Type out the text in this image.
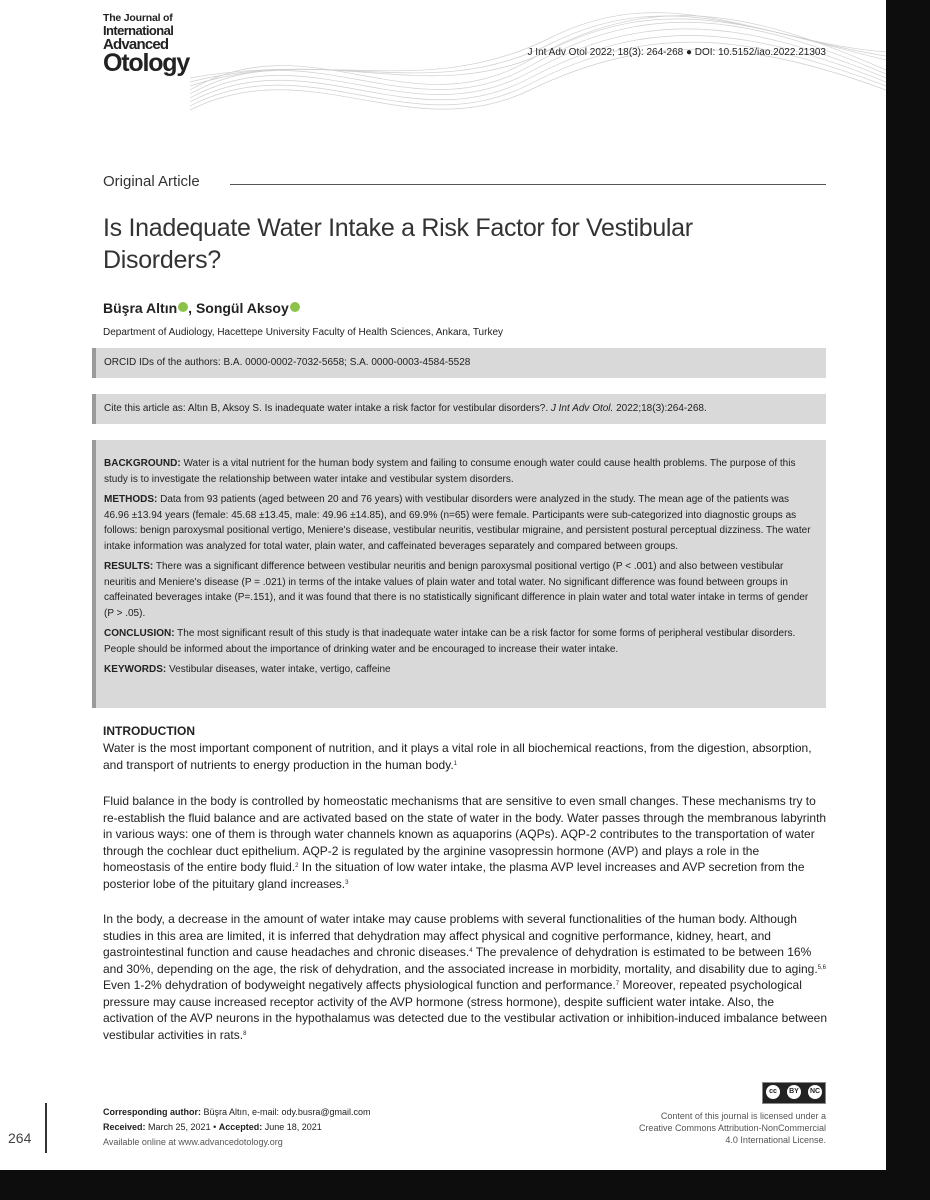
The Journal of
International
Advanced
Otology	J Int Adv Otol 2022; 18(3): 264-268 ● DOI: 10.5152/iao.2022.21303
Original Article
Is Inadequate Water Intake a Risk Factor for Vestibular Disorders?
Büşra Altın , Songül Aksoy
Department of Audiology, Hacettepe University Faculty of Health Sciences, Ankara, Turkey
ORCID IDs of the authors: B.A. 0000-0002-7032-5658; S.A. 0000-0003-4584-5528
Cite this article as: Altın B, Aksoy S. Is inadequate water intake a risk factor for vestibular disorders?. J Int Adv Otol. 2022;18(3):264-268.

BACKGROUND: Water is a vital nutrient for the human body system and failing to consume enough water could cause health problems. The purpose of this study is to investigate the relationship between water intake and vestibular system disorders.

METHODS: Data from 93 patients (aged between 20 and 76 years) with vestibular disorders were analyzed in the study. The mean age of the patients was 46.96 ±13.94 years (female: 45.68 ±13.45, male: 49.96 ±14.85), and 69.9% (n=65) were female. Participants were sub-categorized into diagnostic groups as follows: benign paroxysmal positional vertigo, Meniere's disease, vestibular neuritis, vestibular migraine, and persistent postural perceptual dizziness. The water intake information was analyzed for total water, plain water, and caffeinated beverages separately and compared between groups.

RESULTS: There was a significant difference between vestibular neuritis and benign paroxysmal positional vertigo (P < .001) and also between vestibular neuritis and Meniere's disease (P = .021) in terms of the intake values of plain water and total water. No significant difference was found between groups in caffeinated beverages intake (P=.151), and it was found that there is no statistically significant difference in plain water and total water intake in terms of gender (P > .05).

CONCLUSION: The most significant result of this study is that inadequate water intake can be a risk factor for some forms of peripheral vestibular disorders. People should be informed about the importance of drinking water and be encouraged to increase their water intake.

KEYWORDS: Vestibular diseases, water intake, vertigo, caffeine

INTRODUCTION
Water is the most important component of nutrition, and it plays a vital role in all biochemical reactions, from the digestion, absorption, and transport of nutrients to energy production in the human body.$^1$
Fluid balance in the body is controlled by homeostatic mechanisms that are sensitive to even small changes. These mechanisms try to re-establish the fluid balance and are activated based on the state of water in the body. Water passes through the membranous labyrinth in various ways: one of them is through water channels known as aquaporins (AQPs). AQP-2 contributes to the transportation of water through the cochlear duct epithelium. AQP-2 is regulated by the arginine vasopressin hormone (AVP) and plays a role in the homeostasis of the entire body fluid.$^2$ In the situation of low water intake, the plasma AVP level increases and AVP secretion from the posterior lobe of the pituitary gland increases.$^3$
In the body, a decrease in the amount of water intake may cause problems with several functionalities of the human body. Although studies in this area are limited, it is inferred that dehydration may affect physical and cognitive performance, kidney, heart, and gastrointestinal function and cause headaches and chronic diseases.$^4$ The prevalence of dehydration is estimated to be between 16% and 30%, depending on the age, the risk of dehydration, and the associated increase in morbidity, mortality, and disability due to aging.$^{5,6}$ Even 1-2% dehydration of bodyweight negatively affects physiological function and performance.$^7$ Moreover, repeated psychological pressure may cause increased receptor activity of the AVP hormone (stress hormone), despite sufficient water intake. Also, the activation of the AVP neurons in the hypothalamus was detected due to the vestibular activation or inhibition-induced imbalance between vestibular activities in rats.$^8$
Corresponding author: Büşra Altın, e-mail: ody.busra@gmail.com
Received: March 25, 2021 • Accepted: June 18, 2021
Available online at www.advancedotology.org
cc	BY	NC
Content of this journal is licensed under a
Creative Commons Attribution-NonCommercial
4.0 International License.
264
